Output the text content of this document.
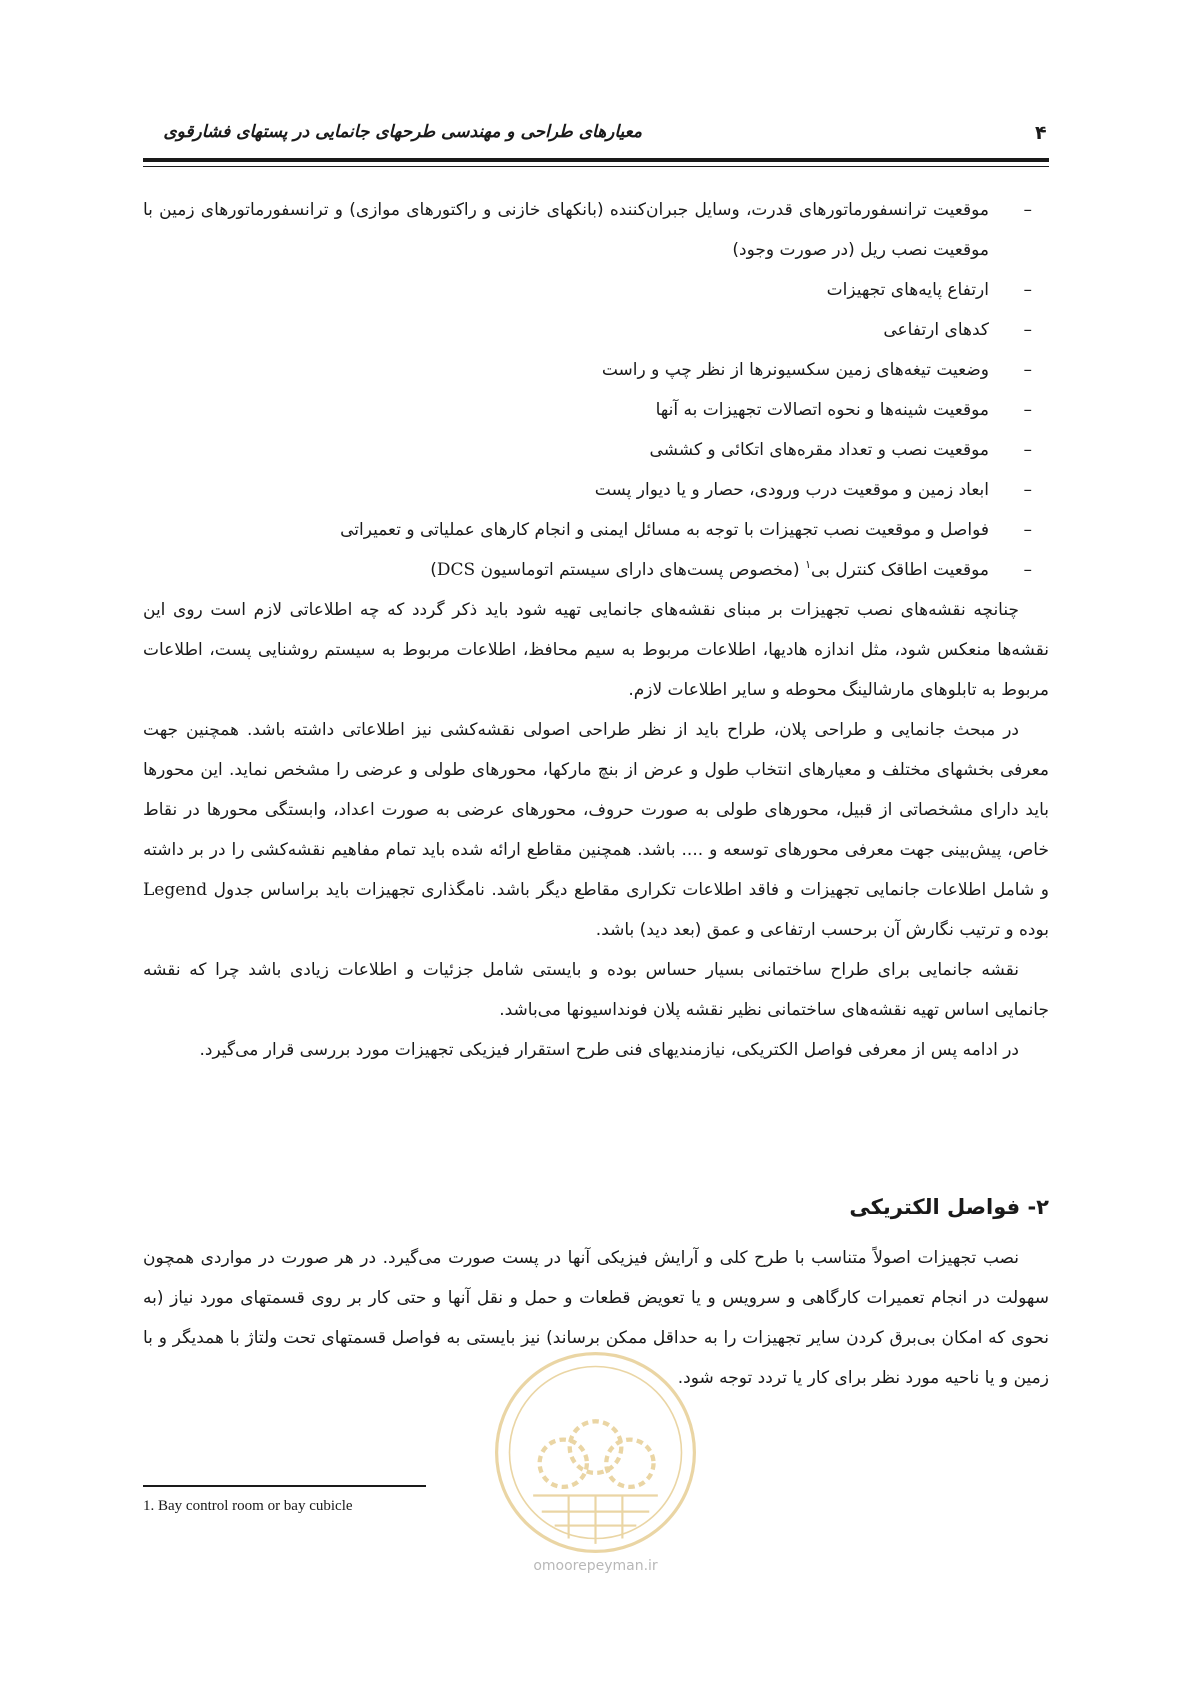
۴
معیارهای طراحی و مهندسی طرحهای جانمایی در پستهای فشارقوی
–
موقعیت ترانسفورماتورهای قدرت، وسایل جبران‌کننده (بانکهای خازنی و راکتورهای موازی) و ترانسفورماتورهای زمین با موقعیت نصب ریل (در صورت وجود)
–
ارتفاع پایه‌های تجهیزات
–
کدهای ارتفاعی
–
وضعیت تیغه‌های زمین سکسیونرها از نظر چپ و راست
–
موقعیت شینه‌ها و نحوه اتصالات تجهیزات به آنها
–
موقعیت نصب و تعداد مقره‌های اتکائی و کششی
–
ابعاد زمین و موقعیت درب ورودی، حصار و یا دیوار پست
–
فواصل و موقعیت نصب تجهیزات با توجه به مسائل ایمنی و انجام کارهای عملیاتی و تعمیراتی
–
موقعیت اطاقک کنترل بی$^۱$ (مخصوص پست‌های دارای سیستم اتوماسیون DCS)

چنانچه نقشه‌های نصب تجهیزات بر مبنای نقشه‌های جانمایی تهیه شود باید ذکر گردد که چه اطلاعاتی لازم است روی این نقشه‌ها منعکس شود، مثل اندازه هادیها، اطلاعات مربوط به سیم محافظ، اطلاعات مربوط به سیستم روشنایی پست، اطلاعات مربوط به تابلوهای مارشالینگ محوطه و سایر اطلاعات لازم.

در مبحث جانمایی و طراحی پلان، طراح باید از نظر طراحی اصولی نقشه‌کشی نیز اطلاعاتی داشته باشد. همچنین جهت معرفی بخشهای مختلف و معیارهای انتخاب طول و عرض از بنچ مارکها، محورهای طولی و عرضی را مشخص نماید. این محورها باید دارای مشخصاتی از قبیل، محورهای طولی به صورت حروف، محورهای عرضی به صورت اعداد، وابستگی محورها در نقاط خاص، پیش‌بینی جهت معرفی محورهای توسعه و .... باشد. همچنین مقاطع ارائه شده باید تمام مفاهیم نقشه‌کشی را در بر داشته و شامل اطلاعات جانمایی تجهیزات و فاقد اطلاعات تکراری مقاطع دیگر باشد. نامگذاری تجهیزات باید براساس جدول Legend بوده و ترتیب نگارش آن برحسب ارتفاعی و عمق (بعد دید) باشد.

نقشه جانمایی برای طراح ساختمانی بسیار حساس بوده و بایستی شامل جزئیات و اطلاعات زیادی باشد چرا که نقشه جانمایی اساس تهیه نقشه‌های ساختمانی نظیر نقشه پلان فونداسیونها می‌باشد.

در ادامه پس از معرفی فواصل الکتریکی، نیازمندیهای فنی طرح استقرار فیزیکی تجهیزات مورد بررسی قرار می‌گیرد.

۲- فواصل الکتریکی

نصب تجهیزات اصولاً متناسب با طرح کلی و آرایش فیزیکی آنها در پست صورت می‌گیرد. در هر صورت در مواردی همچون سهولت در انجام تعمیرات کارگاهی و سرویس و یا تعویض قطعات و حمل و نقل آنها و حتی کار بر روی قسمتهای مورد نیاز (به نحوی که امکان بی‌برق کردن سایر تجهیزات را به حداقل ممکن برساند) نیز بایستی به فواصل قسمتهای تحت ولتاژ با همدیگر و با زمین و یا ناحیه مورد نظر برای کار یا تردد توجه شود.

omoorepeyman.ir
1. Bay control room or bay cubicle
